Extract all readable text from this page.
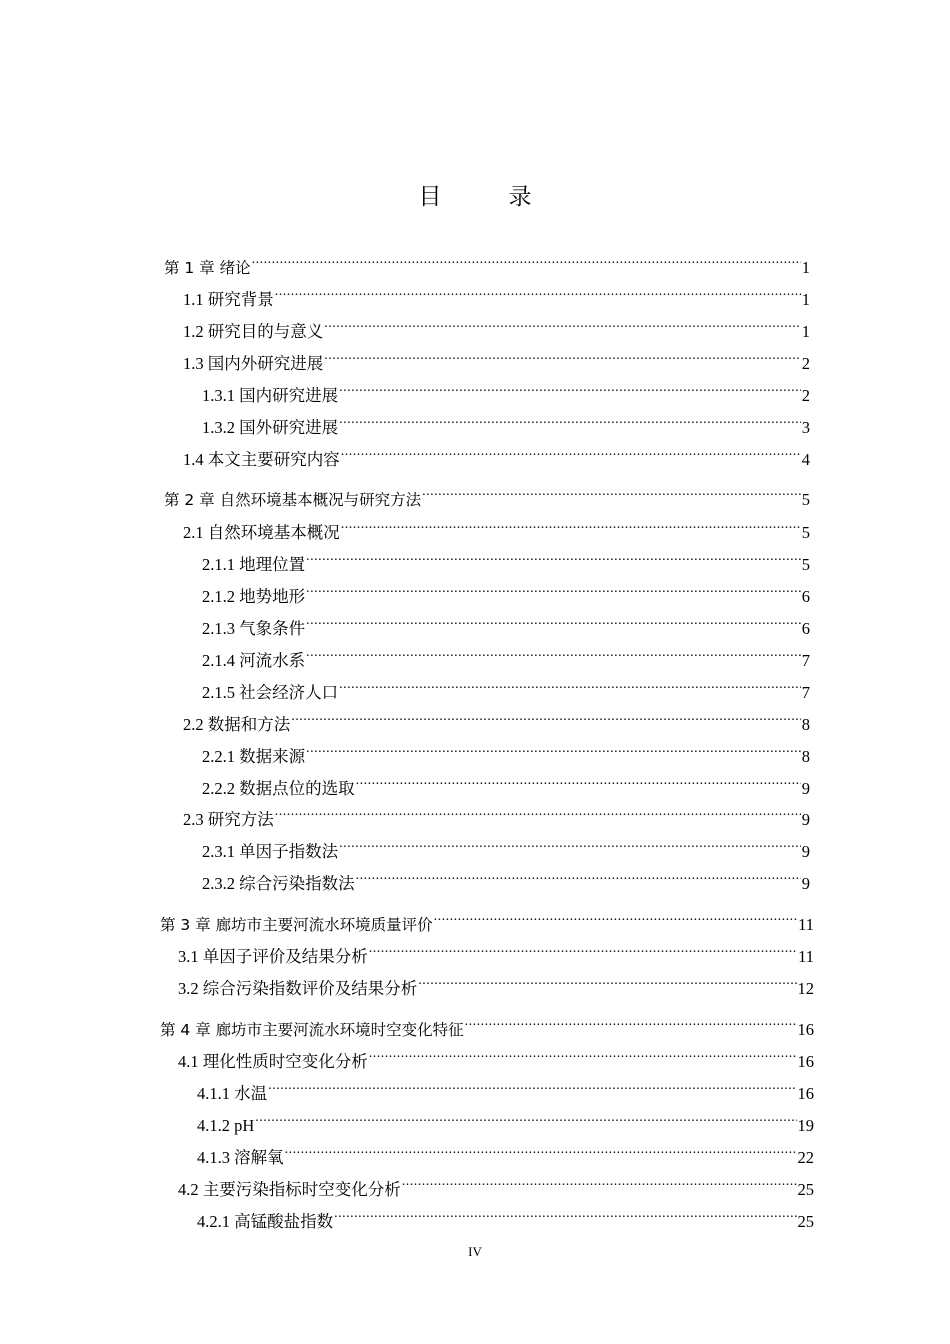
目　录
第 1 章 绪论 .....	1
1.1 研究背景 .....	1
1.2 研究目的与意义 .....	1
1.3 国内外研究进展 .....	2
1.3.1 国内研究进展 .....	2
1.3.2 国外研究进展 .....	3
1.4 本文主要研究内容 .....	4
第 2 章 自然环境基本概况与研究方法 .....	5
2.1 自然环境基本概况 .....	5
2.1.1 地理位置 .....	5
2.1.2 地势地形 .....	6
2.1.3 气象条件 .....	6
2.1.4 河流水系 .....	7
2.1.5 社会经济人口 .....	7
2.2 数据和方法 .....	8
2.2.1 数据来源 .....	8
2.2.2 数据点位的选取 .....	9
2.3 研究方法 .....	9
2.3.1 单因子指数法 .....	9
2.3.2 综合污染指数法 .....	9
第 3 章 廊坊市主要河流水环境质量评价 .....	11
3.1 单因子评价及结果分析 .....	11
3.2 综合污染指数评价及结果分析 .....	12
第 4 章 廊坊市主要河流水环境时空变化特征 .....	16
4.1 理化性质时空变化分析 .....	16
4.1.1 水温 .....	16
4.1.2 pH .....	19
4.1.3 溶解氧 .....	22
4.2 主要污染指标时空变化分析 .....	25
4.2.1 高锰酸盐指数 .....	25
IV
